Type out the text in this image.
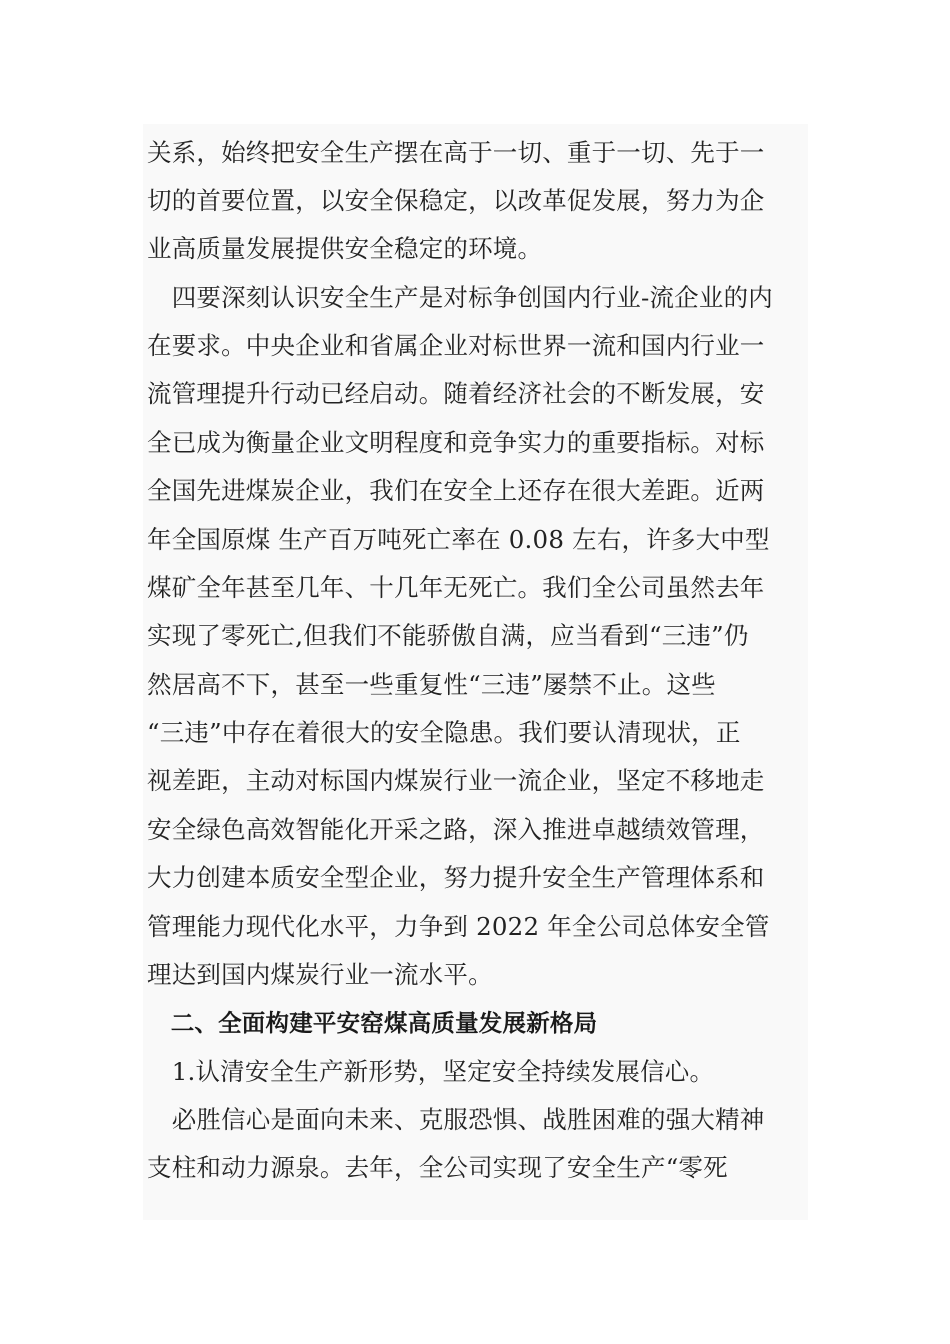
关系，始终把安全生产摆在高于一切、重于一切、先于一
切的首要位置，以安全保稳定，以改革促发展，努力为企
业高质量发展提供安全稳定的环境。
　四要深刻认识安全生产是对标争创国内行业-流企业的内
在要求。中央企业和省属企业对标世界一流和国内行业一
流管理提升行动已经启动。随着经济社会的不断发展，安
全已成为衡量企业文明程度和竞争实力的重要指标。对标
全国先进煤炭企业，我们在安全上还存在很大差距。近两
年全国原煤 生产百万吨死亡率在 0.08 左右，许多大中型
煤矿全年甚至几年、十几年无死亡。我们全公司虽然去年
实现了零死亡,但我们不能骄傲自满，应当看到“三违”仍
然居高不下，甚至一些重复性“三违”屡禁不止。这些
“三违”中存在着很大的安全隐患。我们要认清现状，正
视差距，主动对标国内煤炭行业一流企业，坚定不移地走
安全绿色高效智能化开采之路，深入推进卓越绩效管理，
大力创建本质安全型企业，努力提升安全生产管理体系和
管理能力现代化水平，力争到 2022 年全公司总体安全管
理达到国内煤炭行业一流水平。
　二、全面构建平安窑煤高质量发展新格局
　1.认清安全生产新形势，坚定安全持续发展信心。
　必胜信心是面向未来、克服恐惧、战胜困难的强大精神
支柱和动力源泉。去年，全公司实现了安全生产“零死
